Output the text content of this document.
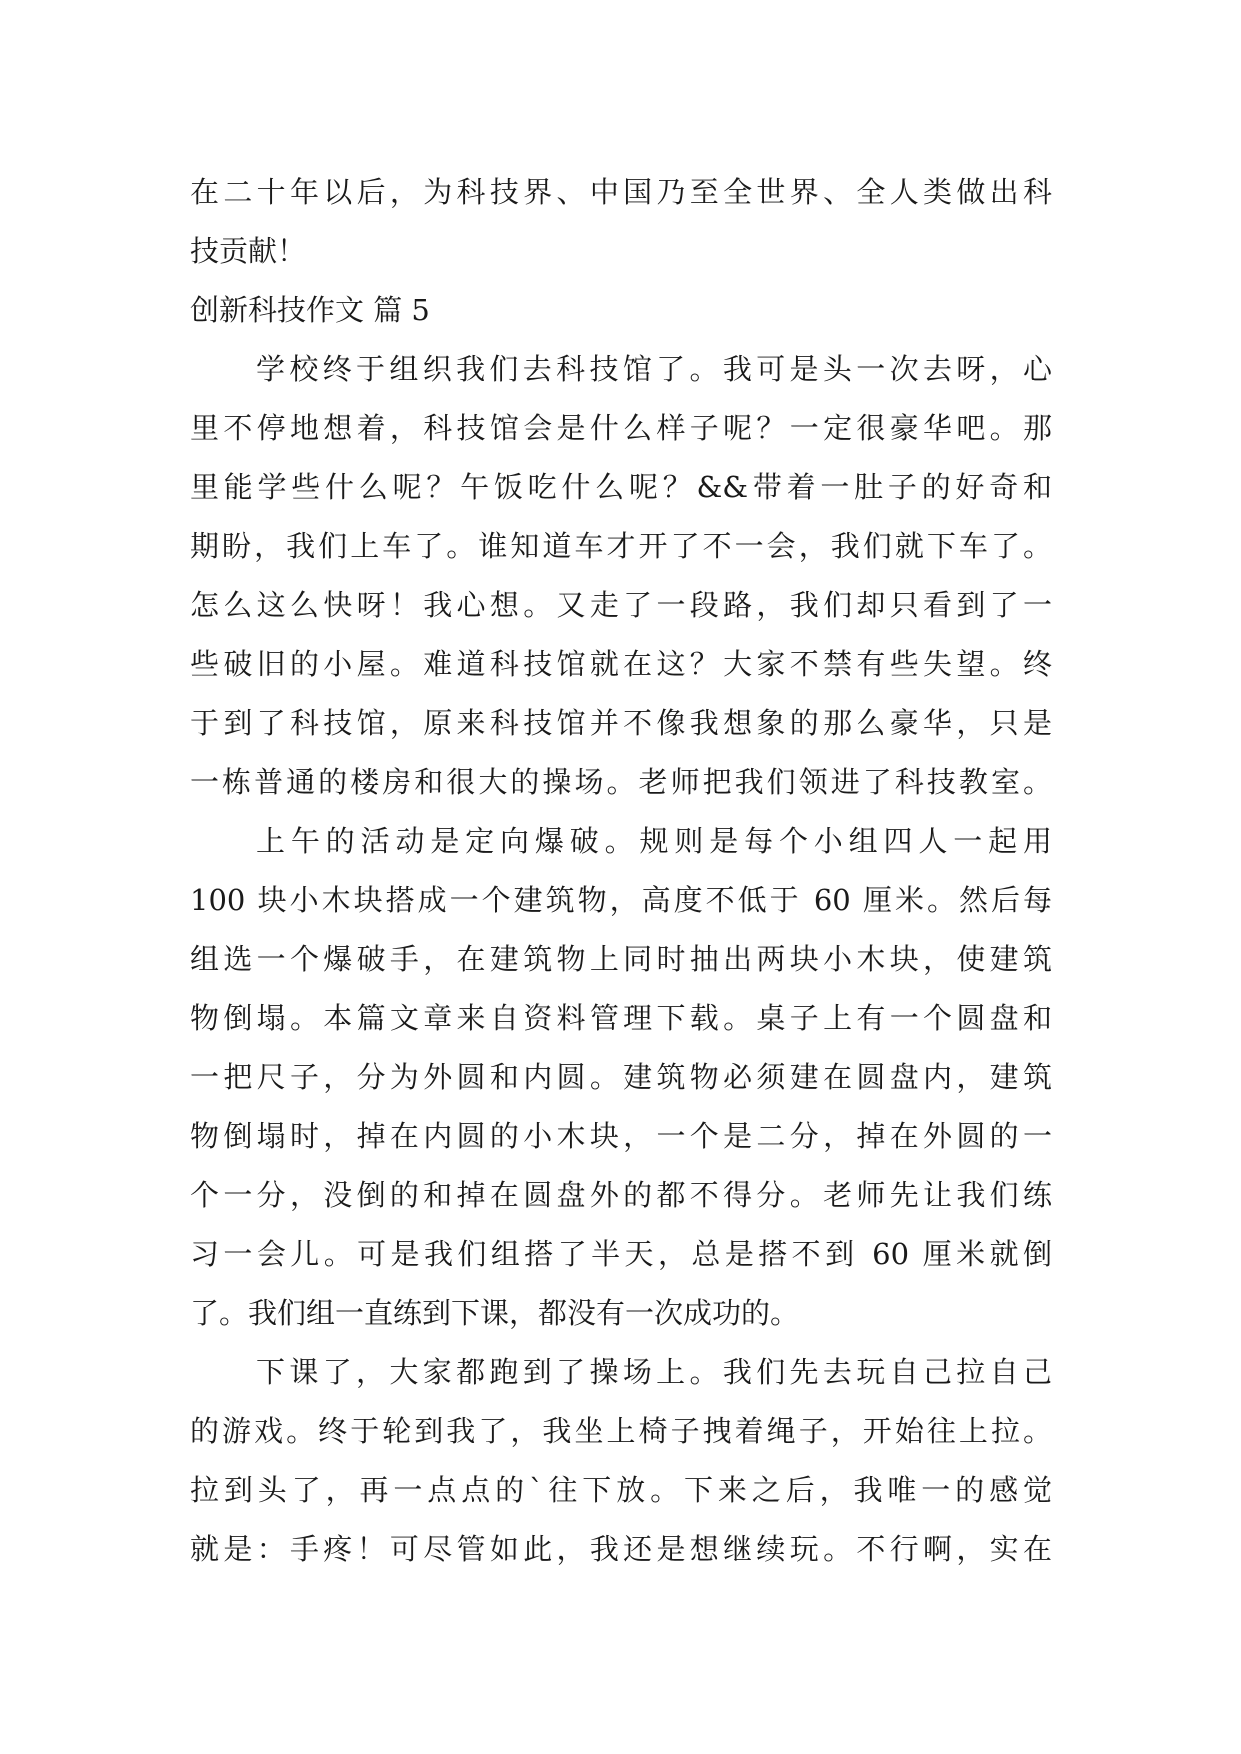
在二十年以后，为科技界、中国乃至全世界、全人类做出科
技贡献！
创新科技作文 篇 5
学校终于组织我们去科技馆了。我可是头一次去呀，心
里不停地想着，科技馆会是什么样子呢？一定很豪华吧。那
里能学些什么呢？午饭吃什么呢？&&带着一肚子的好奇和
期盼，我们上车了。谁知道车才开了不一会，我们就下车了。
怎么这么快呀！我心想。又走了一段路，我们却只看到了一
些破旧的小屋。难道科技馆就在这？大家不禁有些失望。终
于到了科技馆，原来科技馆并不像我想象的那么豪华，只是
一栋普通的楼房和很大的操场。老师把我们领进了科技教室。
上午的活动是定向爆破。规则是每个小组四人一起用
100 块小木块搭成一个建筑物，高度不低于 60 厘米。然后每
组选一个爆破手，在建筑物上同时抽出两块小木块，使建筑
物倒塌。本篇文章来自资料管理下载。桌子上有一个圆盘和
一把尺子，分为外圆和内圆。建筑物必须建在圆盘内，建筑
物倒塌时，掉在内圆的小木块，一个是二分，掉在外圆的一
个一分，没倒的和掉在圆盘外的都不得分。老师先让我们练
习一会儿。可是我们组搭了半天，总是搭不到 60 厘米就倒
了。我们组一直练到下课，都没有一次成功的。
下课了，大家都跑到了操场上。我们先去玩自己拉自己
的游戏。终于轮到我了，我坐上椅子拽着绳子，开始往上拉。
拉到头了，再一点点的`往下放。下来之后，我唯一的感觉
就是：手疼！可尽管如此，我还是想继续玩。不行啊，实在
